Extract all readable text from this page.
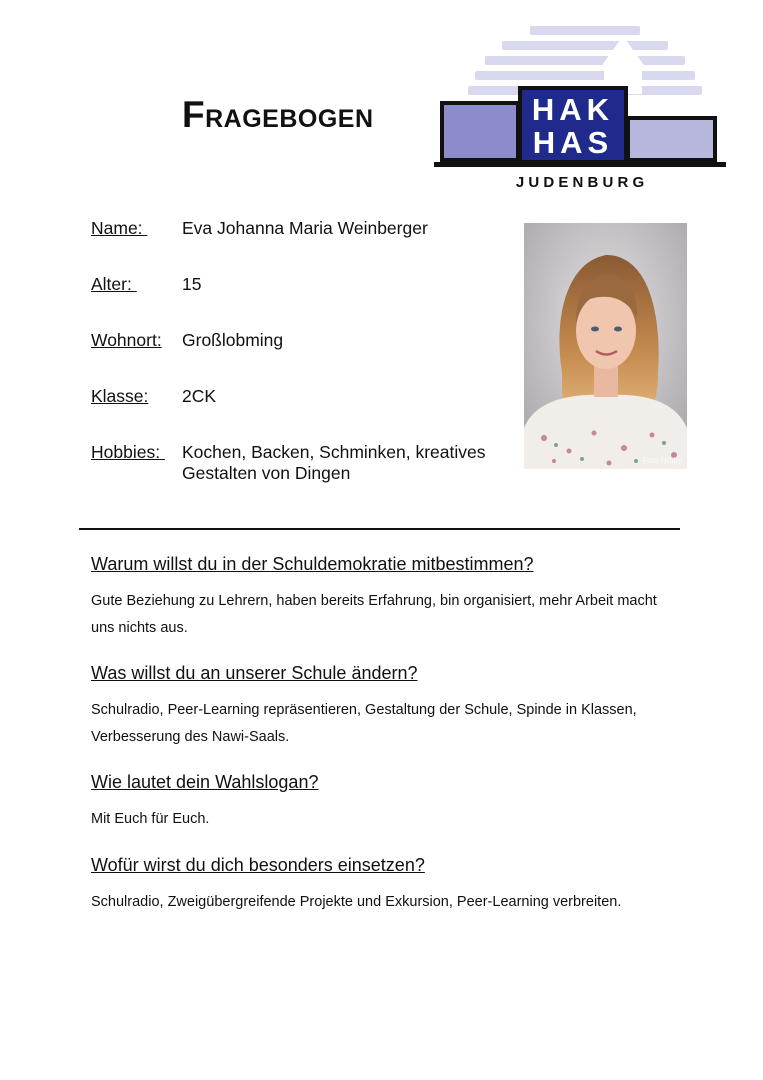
FRAGEBOGEN	HAK
HAS
J U D E N B U R G
Name: Eva Johanna Maria Weinberger
Alter:	15
Wohnort: Großlobming
Klasse: 2CK
Hobbies: Kochen, Backen, Schminken, kreatives Gestalten von Dingen
Foto Hruby
Warum willst du in der Schuldemokratie mitbestimmen?
Gute Beziehung zu Lehrern, haben bereits Erfahrung, bin organisiert, mehr Arbeit macht uns nichts aus.
Was willst du an unserer Schule ändern?
Schulradio, Peer-Learning repräsentieren, Gestaltung der Schule, Spinde in Klassen, Verbesserung des Nawi-Saals.
Wie lautet dein Wahlslogan?
Mit Euch für Euch.
Wofür wirst du dich besonders einsetzen?
Schulradio, Zweigübergreifende Projekte und Exkursion, Peer-Learning verbreiten.
